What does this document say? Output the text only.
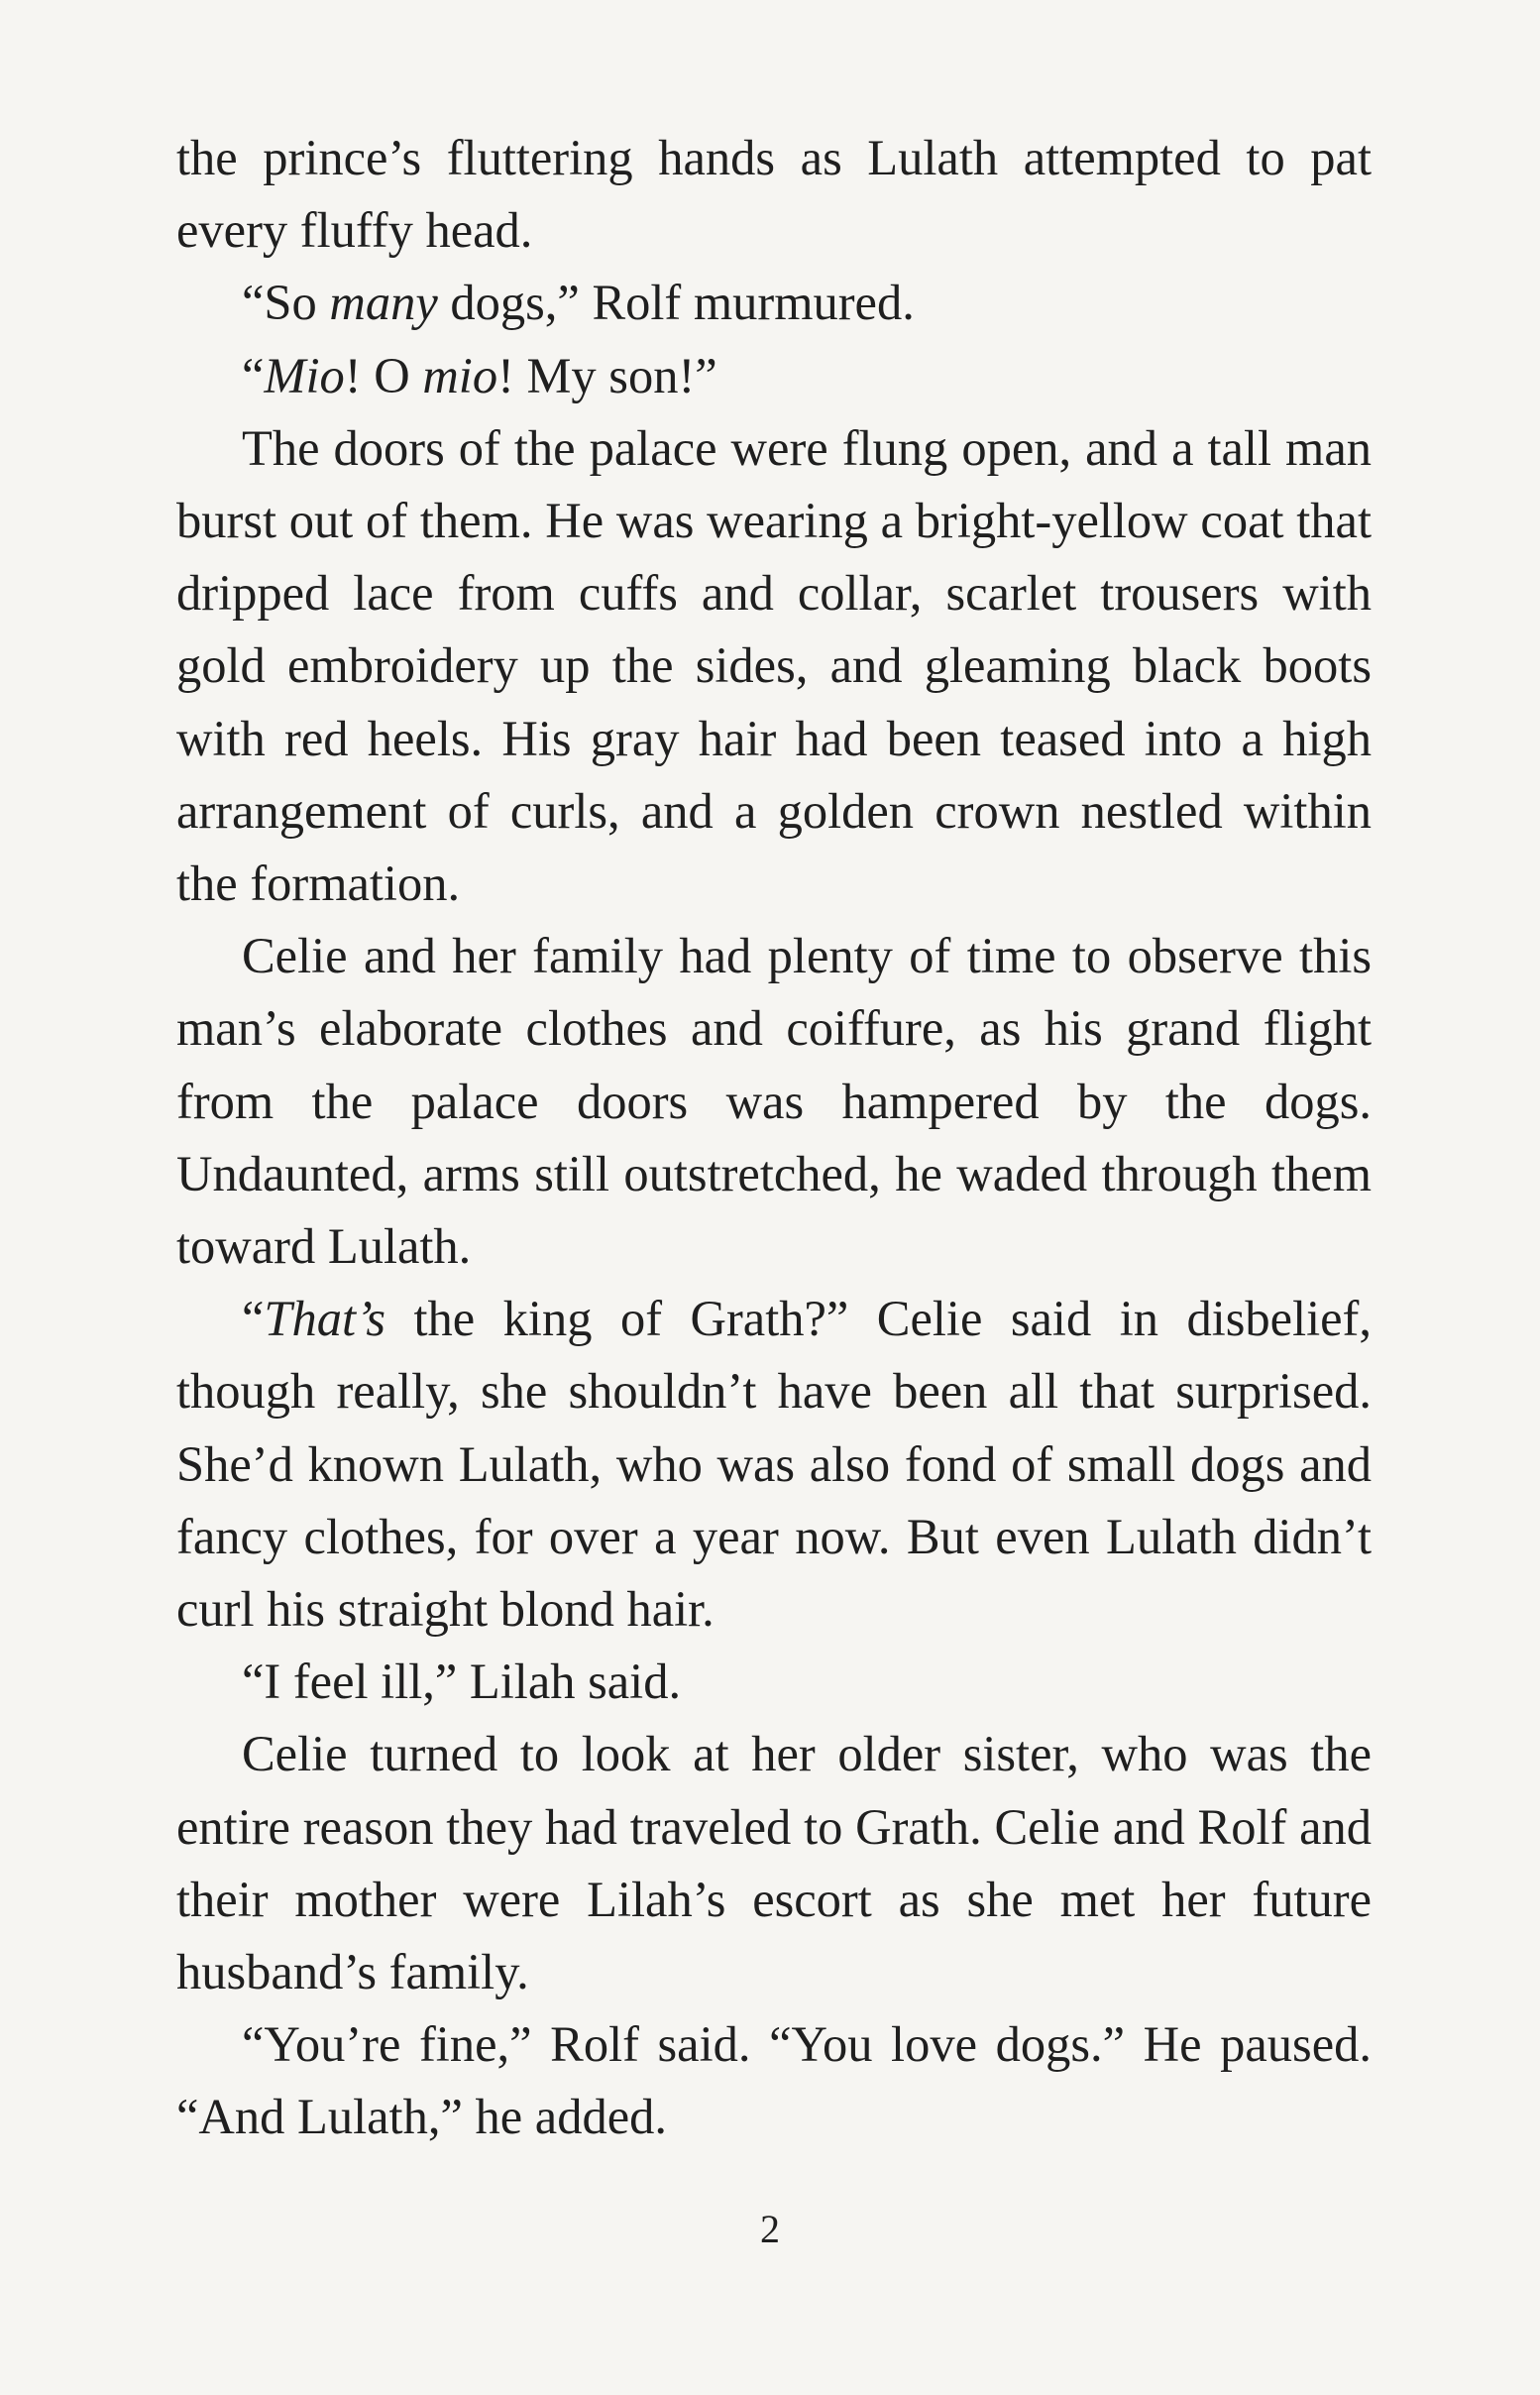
the prince’s fluttering hands as Lulath attempted to pat every fluffy head.

“So many dogs,” Rolf murmured.

“Mio! O mio! My son!”

The doors of the palace were flung open, and a tall man burst out of them. He was wearing a bright-yellow coat that dripped lace from cuffs and collar, scarlet trousers with gold embroidery up the sides, and gleaming black boots with red heels. His gray hair had been teased into a high arrangement of curls, and a golden crown nestled within the formation.

Celie and her family had plenty of time to observe this man’s elaborate clothes and coiffure, as his grand flight from the palace doors was hampered by the dogs. Undaunted, arms still outstretched, he waded through them toward Lulath.

“That’s the king of Grath?” Celie said in disbelief, though really, she shouldn’t have been all that surprised. She’d known Lulath, who was also fond of small dogs and fancy clothes, for over a year now. But even Lulath didn’t curl his straight blond hair.

“I feel ill,” Lilah said.

Celie turned to look at her older sister, who was the entire reason they had traveled to Grath. Celie and Rolf and their mother were Lilah’s escort as she met her future husband’s family.

“You’re fine,” Rolf said. “You love dogs.” He paused. “And Lulath,” he added.

2
